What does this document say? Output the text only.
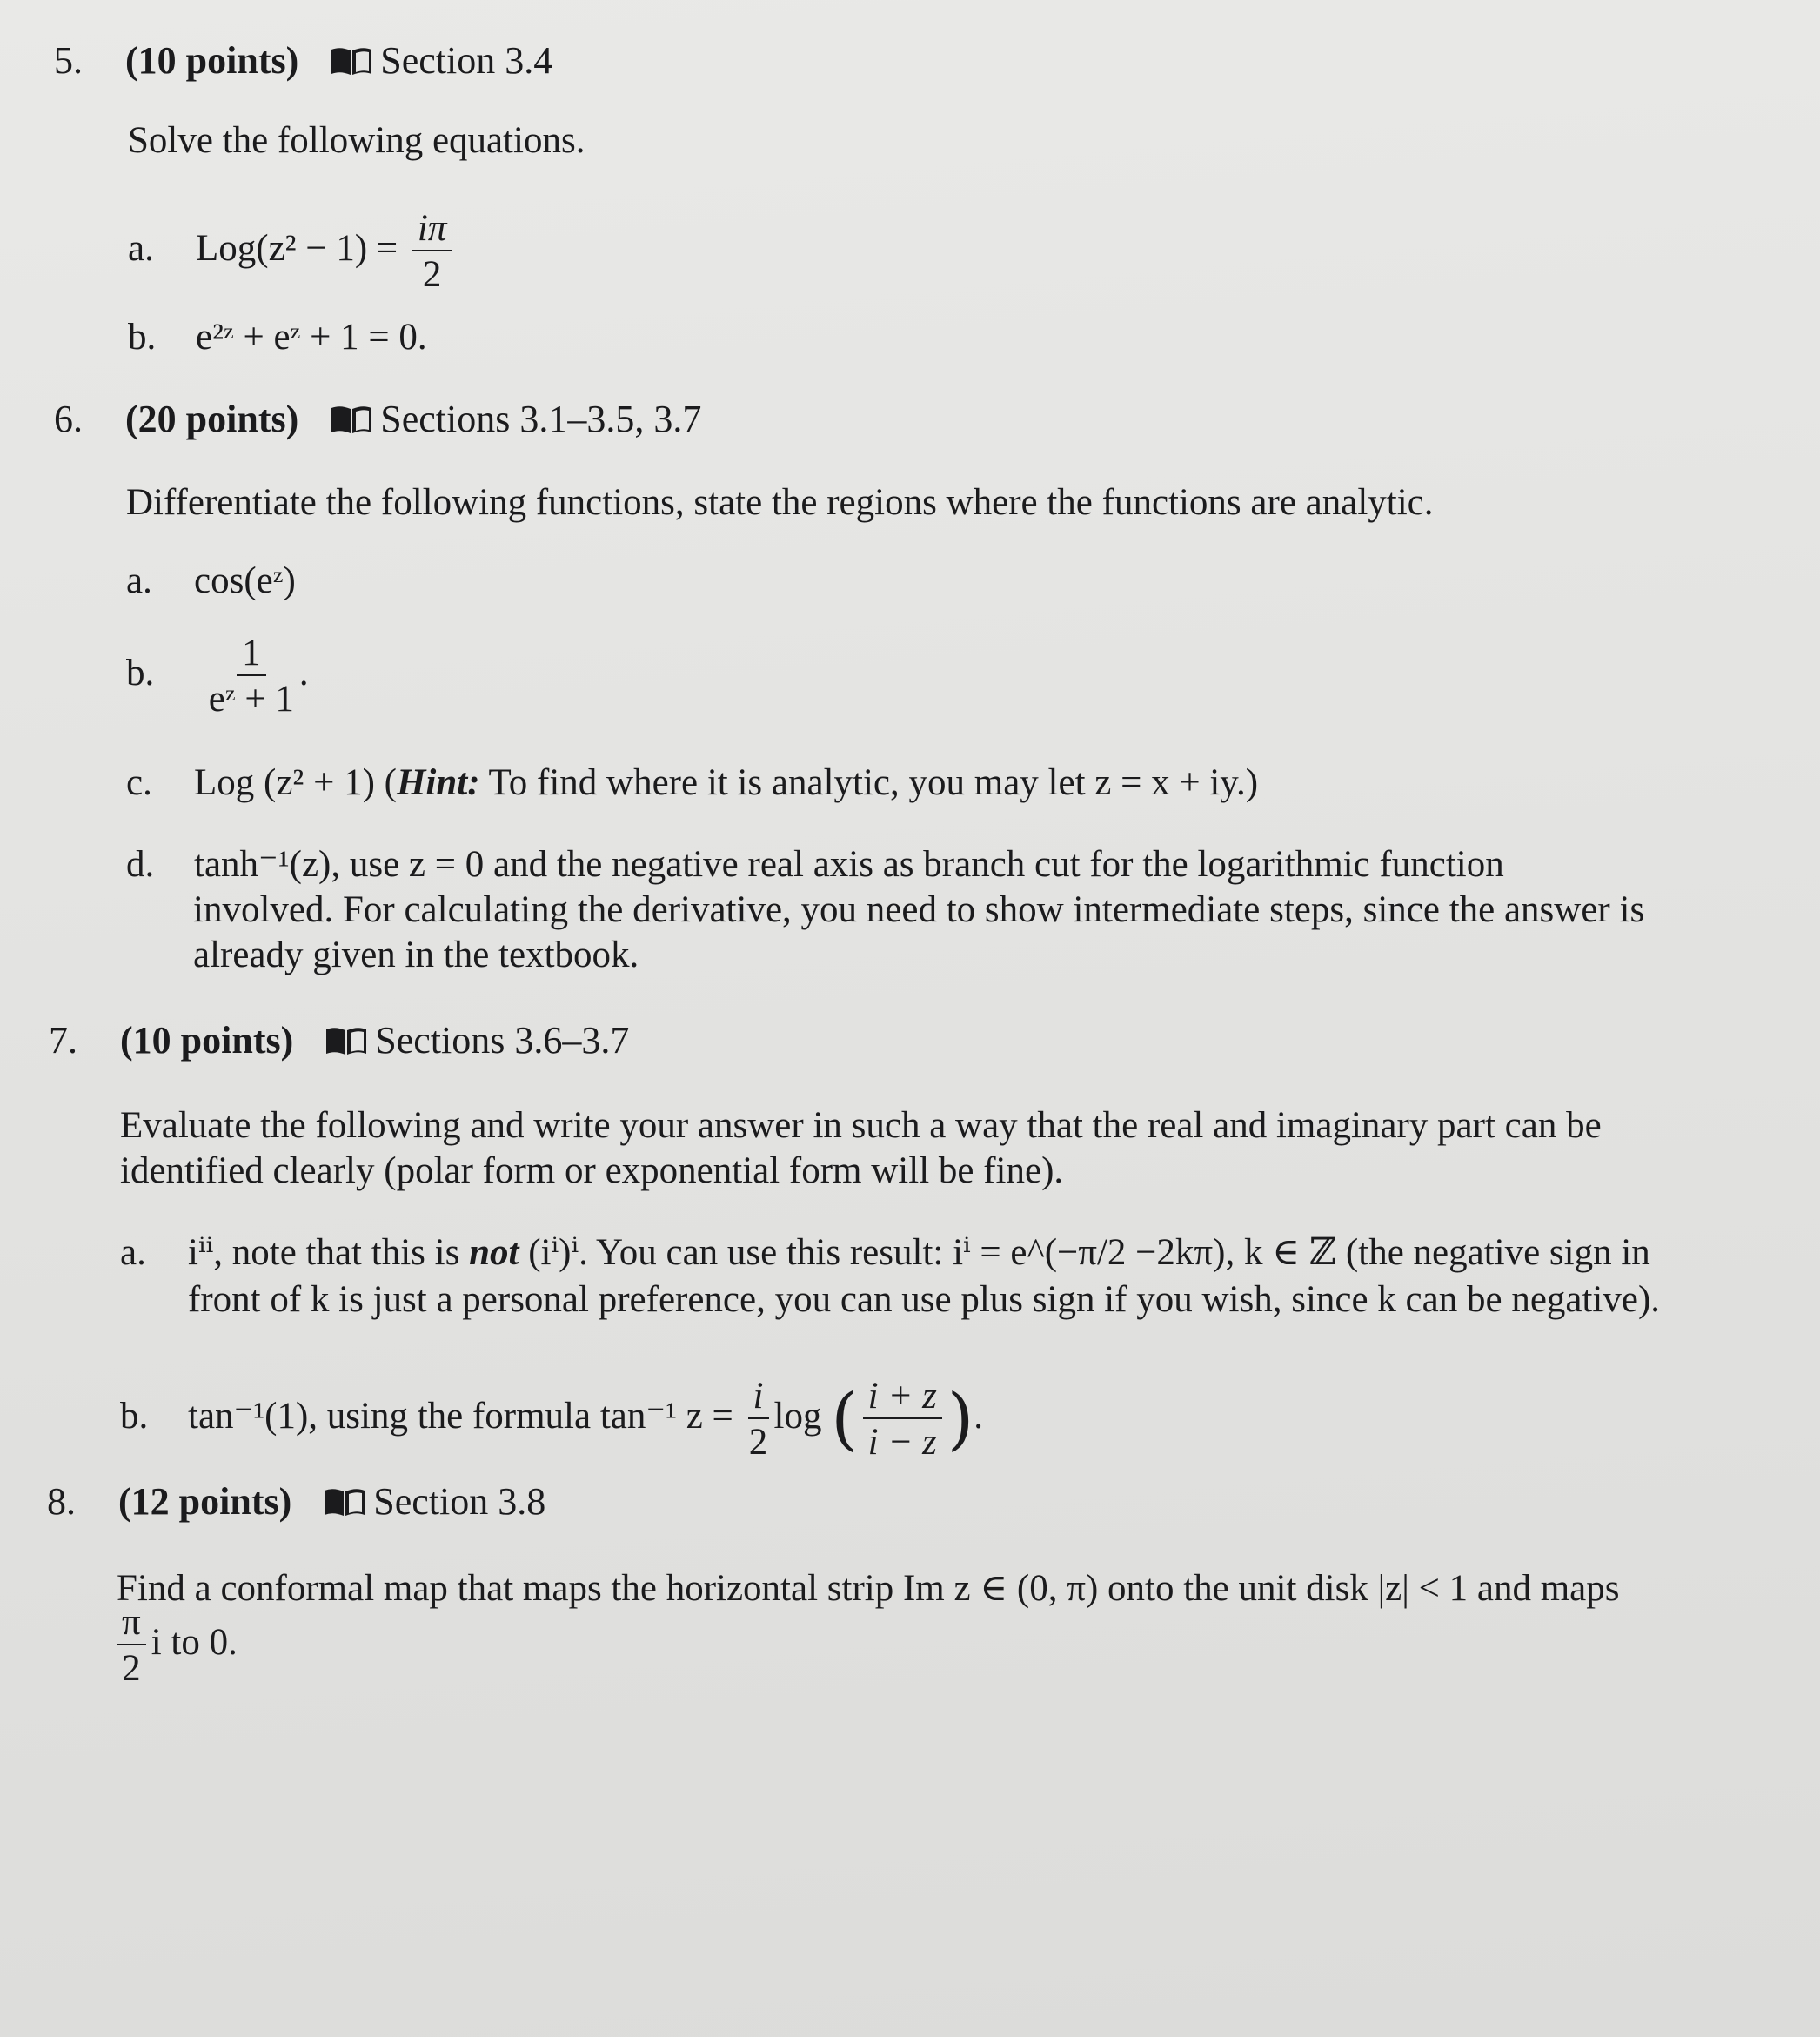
5.	(10 points) Section 3.4
Solve the following equations.
a. $Log(z^2 - 1) = \frac{i\pi}{2}$
b. e²ᶻ + eᶻ + 1 = 0.
6.	(20 points) Sections 3.1–3.5, 3.7
Differentiate the following functions, state the regions where the functions are analytic.
a. cos(eᶻ)
b. $\frac{1}{\text{eᶻ + 1}}$ .
c. Log (z² + 1) (Hint: To find where it is analytic, you may let z = x + iy.)
d. tanh⁻¹(z), use z = 0 and the negative real axis as branch cut for the logarithmic function
involved. For calculating the derivative, you need to show intermediate steps, since the answer is
already given in the textbook.
7.	(10 points) Sections 3.6–3.7
Evaluate the following and write your answer in such a way that the real and imaginary part can be
identified clearly (polar form or exponential form will be fine).
a. iⁱⁱ, note that this is not (iⁱ)ⁱ. You can use this result: iⁱ = e^(−π/2 −2kπ), k ∈ ℤ (the negative sign in
front of k is just a personal preference, you can use plus sign if you wish, since k can be negative).
b. tan⁻¹(1), using the formula tan⁻¹ $z = \frac{i}{2}$ log ( $\frac{i + z}{i - z}$ ).
8.	(12 points) Section 3.8
Find a conformal map that maps the horizontal strip Im z ∈ (0, π) onto the unit disk |z| < 1 and maps
$\frac{\pi}{2}$ i to 0.
